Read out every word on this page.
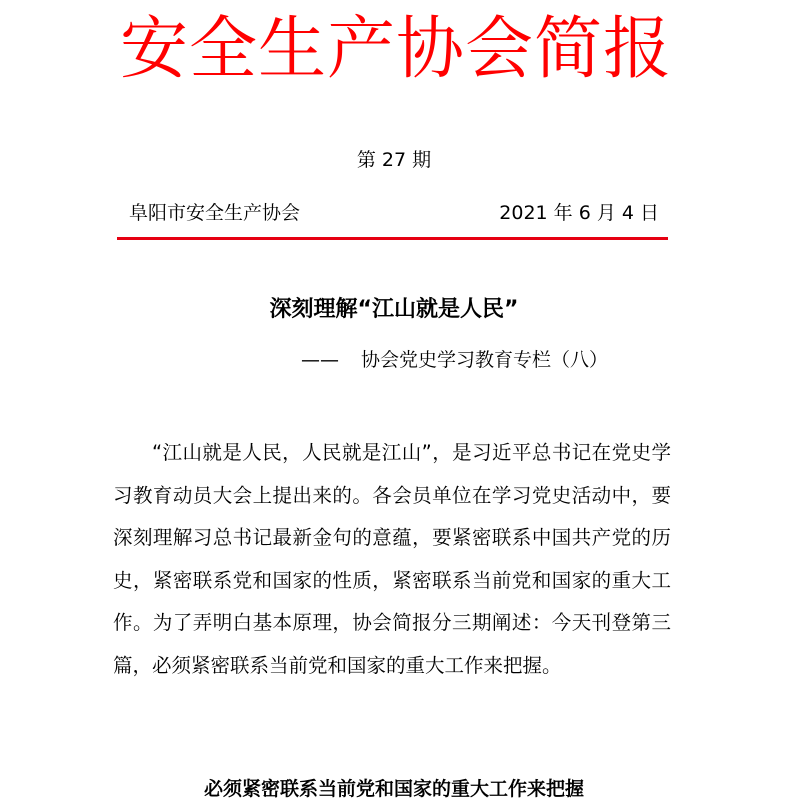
安全生产协会简报
第 27 期
阜阳市安全生产协会	2021 年 6 月 4 日
深刻理解“江山就是人民”
—— 协会党史学习教育专栏（八）

“江山就是人民，人民就是江山”，是习近平总书记在党史学习教育动员大会上提出来的。各会员单位在学习党史活动中，要深刻理解习总书记最新金句的意蕴，要紧密联系中国共产党的历史，紧密联系党和国家的性质，紧密联系当前党和国家的重大工作。为了弄明白基本原理，协会简报分三期阐述：今天刊登第三篇，必须紧密联系当前党和国家的重大工作来把握。

必须紧密联系当前党和国家的重大工作来把握
